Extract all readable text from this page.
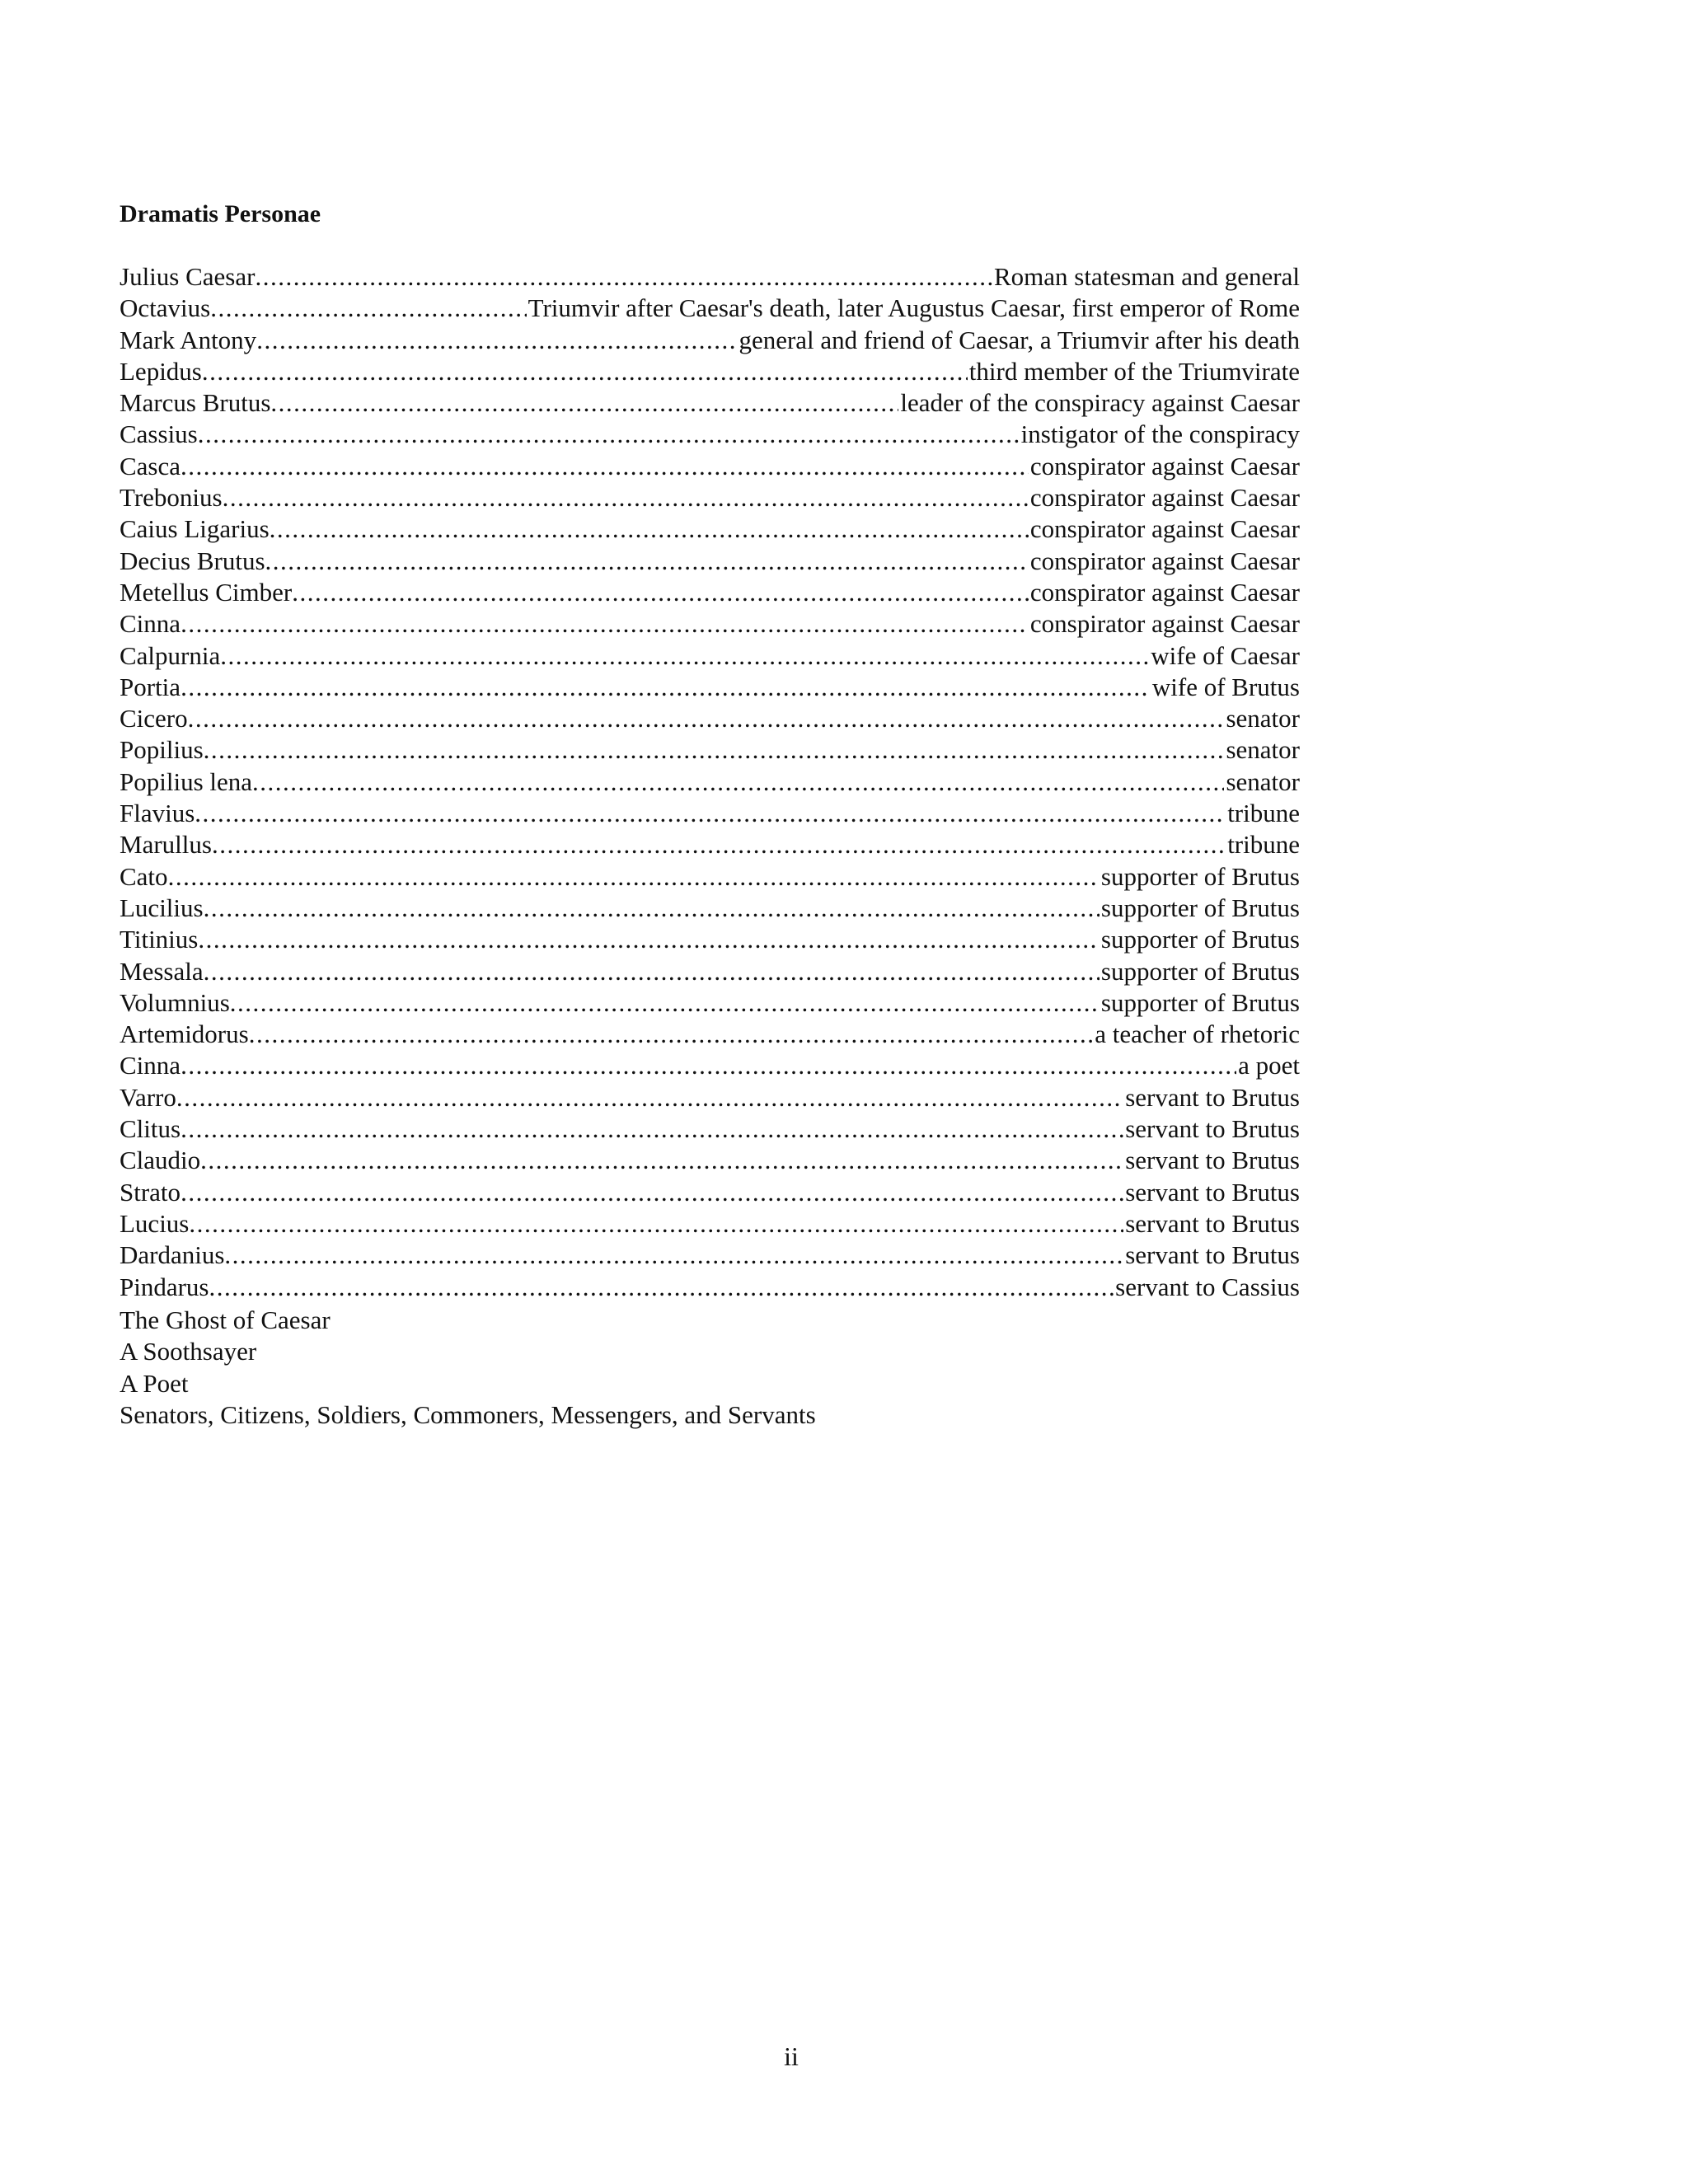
Dramatis Personae
Julius Caesar .....	Roman statesman and general
Octavius .....	Triumvir after Caesar's death, later Augustus Caesar, first emperor of Rome
Mark Antony .....	general and friend of Caesar, a Triumvir after his death
Lepidus .....	third member of the Triumvirate
Marcus Brutus .....	leader of the conspiracy against Caesar
Cassius .....	instigator of the conspiracy
Casca .....	conspirator against Caesar
Trebonius .....	conspirator against Caesar
Caius Ligarius .....	conspirator against Caesar
Decius Brutus .....	conspirator against Caesar
Metellus Cimber .....	conspirator against Caesar
Cinna .....	conspirator against Caesar
Calpurnia .....	wife of Caesar
Portia .....	wife of Brutus
Cicero .....	senator
Popilius .....	senator
Popilius lena .....	senator
Flavius .....	tribune
Marullus .....	tribune
Cato .....	supporter of Brutus
Lucilius .....	supporter of Brutus
Titinius .....	supporter of Brutus
Messala .....	supporter of Brutus
Volumnius .....	supporter of Brutus
Artemidorus .....	a teacher of rhetoric
Cinna .....	a poet
Varro .....	servant to Brutus
Clitus .....	servant to Brutus
Claudio .....	servant to Brutus
Strato .....	servant to Brutus
Lucius .....	servant to Brutus
Dardanius .....	servant to Brutus
Pindarus .....	servant to Cassius
The Ghost of Caesar
A Soothsayer
A Poet
Senators, Citizens, Soldiers, Commoners, Messengers, and Servants
ii
